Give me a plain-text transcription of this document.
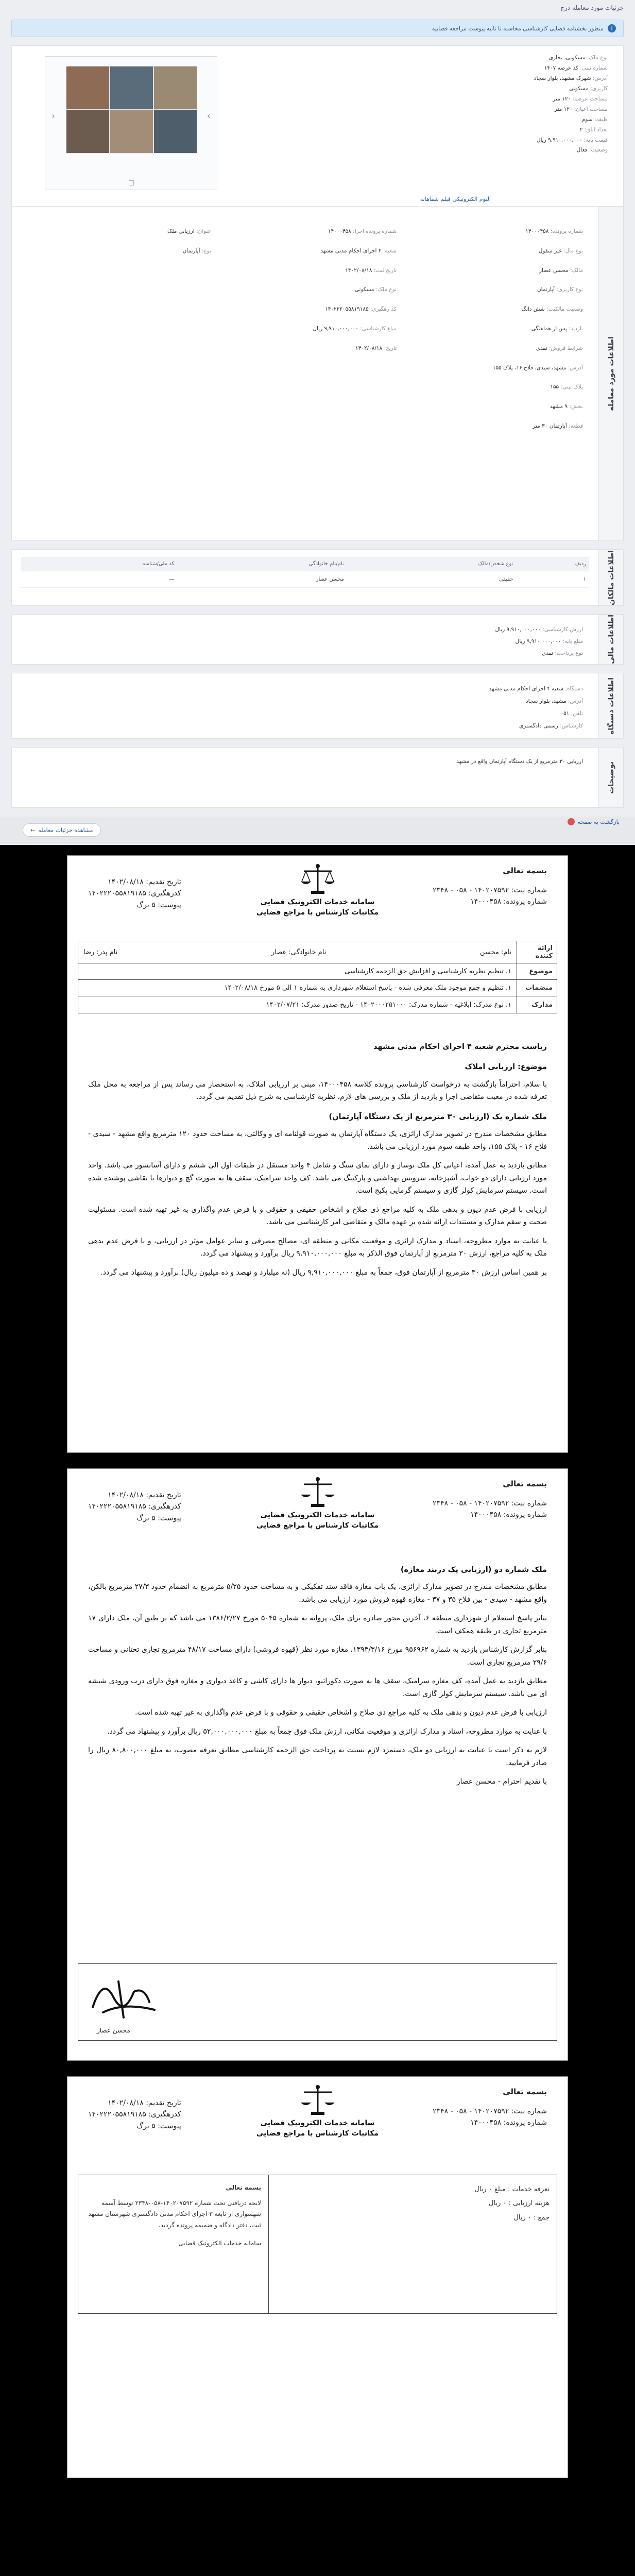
جزئیات مورد معامله درج
i
منظور بخشنامه قضایی کارشناسی محاسبه تا ثانیه پیوست مراجعه قضاییه
نوع ملک: مسکونی، تجاری
شماره ثبتی: کد عرصه ۱۴۰۷
آدرس: شهرک مشهد، بلوار سجاد
کاربری: مسکونی
مساحت عرصه: ۱۲۰ متر
مساحت اعیان: ۱۲۰ متر
طبقه: سوم
تعداد اتاق: ۲
قیمت پایه: ۹,۹۱۰,۰۰۰,۰۰۰ ریال
وضعیت: فعال
‹	›
آلبوم الکترونیکی فیلم شفاهانه
اطلاعات مورد معامله
شماره پرونده: ۱۴۰۰۰۴۵۸
نوع مال: غیر منقول
مالک: محسن عصار
نوع کاربری: آپارتمان
وضعیت مالکیت: شش دانگ
بازدید: پس از هماهنگی
شرایط فروش: نقدی
آدرس: مشهد، سیدی، فلاح ۱۶، پلاک ۱۵۵
پلاک ثبتی: ۱۵۵
بخش: ۹ مشهد
قطعه: آپارتمان ۳۰ متر
شماره پرونده اجرا: ۱۴۰۰۰۴۵۸
شعبه: ۴ اجرای احکام مدنی مشهد
تاریخ ثبت: ۱۴۰۲/۰۸/۱۸
نوع ملک: مسکونی
کد رهگیری: ۱۴۰۲۲۲۰۵۵۸۱۹۱۸۵
مبلغ کارشناسی: ۹,۹۱۰,۰۰۰,۰۰۰ ریال
تاریخ: ۱۴۰۲/۰۸/۱۸
عنوان: ارزیابی ملک
نوع: آپارتمان
اطلاعات مالکان
ردیف	نوع شخص/مالک	نام/نام خانوادگی	کد ملی/شناسه
۱	حقیقی	محسن عصار	—
اطلاعات مالی
ارزش کارشناسی: ۹,۹۱۰,۰۰۰,۰۰۰ ریال
مبلغ پایه: ۹,۹۱۰,۰۰۰,۰۰۰ ریال
نوع پرداخت: نقدی
اطلاعات دستگاه
دستگاه: شعبه ۴ اجرای احکام مدنی مشهد
آدرس: مشهد، بلوار سجاد
تلفن: ۰۵۱
کارشناس: رسمی دادگستری
توضیحات
ارزیابی ۳۰ مترمربع از یک دستگاه آپارتمان واقع در مشهد
بازگشت به صفحه
مشاهده جزئیات معامله
←
بسمه تعالی
شماره ثبت: ۱۴۰۲۰۷۵۹۲ - ۰۵۸ - ۲۳۴۸
شماره پرونده: ۱۴۰۰۰۴۵۸
سامانه خدمات الکترونیک قضایی
مکاتبات کارشناس با مراجع قضایی
تاریخ تقدیم: ۱۴۰۲/۰۸/۱۸
کدرهگیری: ۱۴۰۲۲۲۰۵۵۸۱۹۱۸۵
پیوست: ۵ برگ
ارائه کننده
نام: محسن
نام خانوادگی: عصار
نام پدر: رضا
موضوع
۱. تنظیم نظریه کارشناسی و افزایش حق الزحمه کارشناسی
منضمات
۱. تنظیم و جمع موجود ملک معرفی شده - پاسخ استعلام شهرداری به شماره ۱ الی ۵ مورخ ۱۴۰۲/۰۸/۱۸
مدارک
۱. نوع مدرک: ابلاغیه - شماره مدرک: ۱۴۰۲۰۰۰۲۵۱۰۰۰ - تاریخ صدور مدرک: ۱۴۰۲/۰۷/۲۱
ریاست محترم شعبه ۴ اجرای احکام مدنی مشهد
موضوع: ارزیابی املاک

با سلام، احتراماً بازگشت به درخواست کارشناسی پرونده کلاسه ۱۴۰۰۰۴۵۸، مبنی بر ارزیابی املاک، به استحضار می رساند پس از مراجعه به محل ملک تعرفه شده در معیت متقاضی اجرا و بازدید از ملک و بررسی های لازم، نظریه کارشناسی به شرح ذیل تقدیم می گردد.

ملک شماره یک (ارزیابی ۳۰ مترمربع از یک دستگاه آپارتمان)

مطابق مشخصات مندرج در تصویر مدارک ارائزی، یک دستگاه آپارتمان به صورت قولنامه ای و وکالتی، به مساحت حدود ۱۲۰ مترمربع واقع مشهد - سیدی - فلاح ۱۶ - پلاک ۱۵۵، واحد طبقه سوم مورد ارزیابی می باشد.

مطابق بازدید به عمل آمده، اعیانی کل ملک نوساز و دارای نمای سنگ و شامل ۴ واحد مستقل در طبقات اول الی ششم و دارای آسانسور می باشد. واحد مورد ارزیابی دارای دو خواب، آشپزخانه، سرویس بهداشتی و پارکینگ می باشد. کف واحد سرامیک، سقف ها به صورت گچ و دیوارها با نقاشی پوشیده شده است. سیستم سرمایش کولر گازی و سیستم گرمایی پکیج است.

ارزیابی با فرض عدم دیون و بدهی ملک به کلیه مراجع ذی صلاح و اشخاص حقیقی و حقوقی و با فرض عدم واگذاری به غیر تهیه شده است. مسئولیت صحت و سقم مدارک و مستندات ارائه شده بر عهده مالک و متقاضی امر کارشناسی می باشد.

با عنایت به موارد مطروحه، اسناد و مدارک ارائزی و موقعیت مکانی و منطقه ای، مصالح مصرفی و سایر عوامل موثر در ارزیابی، و با فرض عدم بدهی ملک به کلیه مراجع، ارزش ۳۰ مترمربع از آپارتمان فوق الذکر به مبلغ ۹,۹۱۰,۰۰۰,۰۰۰ ریال برآورد و پیشنهاد می گردد.

بر همین اساس ارزش ۳۰ مترمربع از آپارتمان فوق، جمعاً به مبلغ ۹,۹۱۰,۰۰۰,۰۰۰ ریال (نه میلیارد و نهصد و ده میلیون ریال) برآورد و پیشنهاد می گردد.

بسمه تعالی
شماره ثبت: ۱۴۰۲۰۷۵۹۲ - ۰۵۸ - ۲۳۴۸
شماره پرونده: ۱۴۰۰۰۴۵۸
سامانه خدمات الکترونیک قضایی
مکاتبات کارشناس با مراجع قضایی
تاریخ تقدیم: ۱۴۰۲/۰۸/۱۸
کدرهگیری: ۱۴۰۲۲۲۰۵۵۸۱۹۱۸۵
پیوست: ۵ برگ
ملک شماره دو (ارزیابی یک دربند مغازه)

مطابق مشخصات مندرج در تصویر مدارک ارائزی، یک باب مغازه فاقد سند تفکیکی و به مساحت حدود ۵/۲۵ مترمربع به انضمام حدود ۲۷/۳ مترمربع بالکن، واقع مشهد - سیدی - بین فلاح ۳۵ و ۳۷ - مغازه قهوه فروش مورد ارزیابی می باشد.

بنابر پاسخ استعلام از شهرداری منطقه ۶، آخرین مجوز صادره برای ملک، پروانه به شماره ۵۰۴۵ مورخ ۱۳۸۶/۲/۲۷ می باشد که بر طبق آن، ملک دارای ۱۷ مترمربع تجاری در طبقه همکف است.

بنابر گزارش کارشناس بازدید به شماره ۹۵۶۹۶۲ مورخ ۱۳۹۳/۳/۱۶، مغازه مورد نظر (قهوه فروشی) دارای مساحت ۴۸/۱۷ مترمربع تجاری تحتانی و مساحت ۲۹/۶ مترمربع تجاری است.

مطابق بازدید به عمل آمده، کف مغازه سرامیک، سقف ها به صورت دکوراتیو، دیوار ها دارای کاشی و کاغذ دیواری و مغازه فوق دارای درب ورودی شیشه ای می باشد. سیستم سرمایش کولر گازی است.

ارزیابی با فرض عدم دیون و بدهی ملک به کلیه مراجع ذی صلاح و اشخاص حقیقی و حقوقی و با فرض عدم واگذاری به غیر تهیه شده است.

با عنایت به موارد مطروحه، اسناد و مدارک ارائزی و موقعیت مکانی، ارزش ملک فوق جمعاً به مبلغ ۵۲,۰۰۰,۰۰۰,۰۰۰ ریال برآورد و پیشنهاد می گردد.

لازم به ذکر است با عنایت به ارزیابی دو ملک، دستمزد لازم نسبت به پرداخت حق الزحمه کارشناسی مطابق تعرفه مصوب، به مبلغ ۸۰,۸۰۰,۰۰۰ ریال را صادر فرمایید.

با تقدیم احترام - محسن عصار

محسن عصار
بسمه تعالی
شماره ثبت: ۱۴۰۲۰۷۵۹۲ - ۰۵۸ - ۲۳۴۸
شماره پرونده: ۱۴۰۰۰۴۵۸
سامانه خدمات الکترونیک قضایی
مکاتبات کارشناس با مراجع قضایی
تاریخ تقدیم: ۱۴۰۲/۰۸/۱۸
کدرهگیری: ۱۴۰۲۲۲۰۵۵۸۱۹۱۸۵
پیوست: ۵ برگ
تعرفه خدمات : مبلغ ۰ ریال
هزینه ارزیابی : ۰ ریال
جمع : ۰ ریال
بسمه تعالی
لایحه دریافتی تحت شماره ۱۴۰۲۰۷۵۹۲-۰۵۸-۲۳۴۸ توسط آسمه شهسواری از ثابعه ۳ اجرای احکام مدنی دادگستری شهرستان مشهد ثبت، دفتر دادگاه و ضمیمه پرونده گردید.
سامانه خدمات الکترونیک قضایی
